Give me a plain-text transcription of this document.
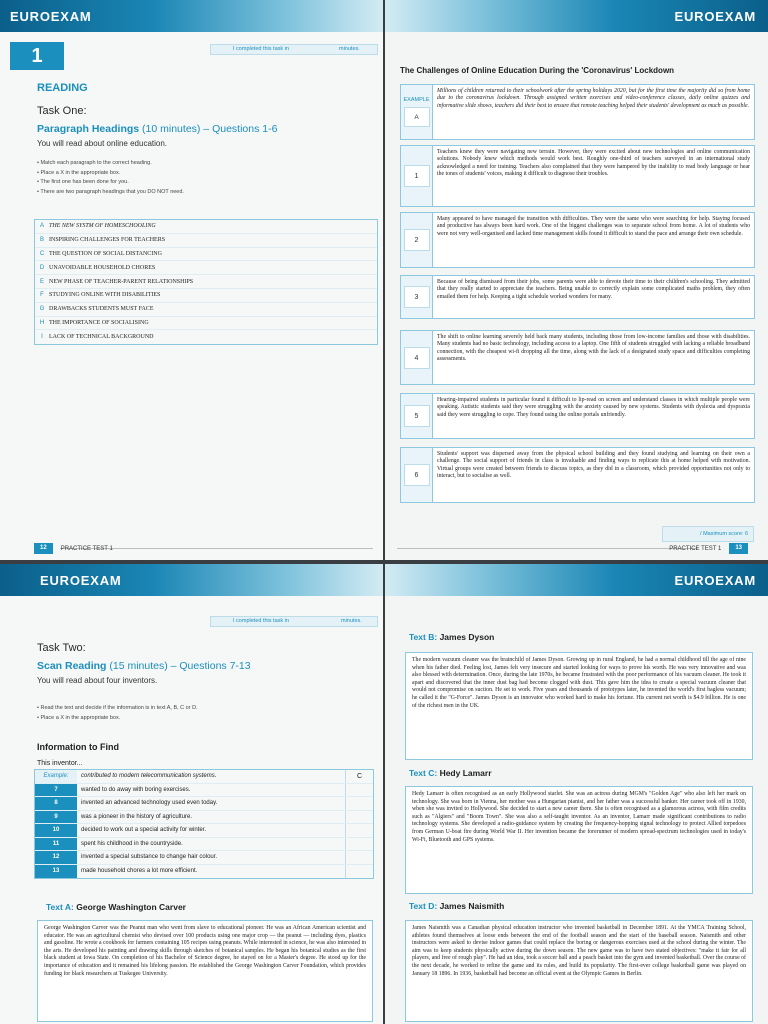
EUROEXAM
1	I completed this task in	minutes.
READING
Task One:
Paragraph Headings (10 minutes) – Questions 1-6
You will read about online education.
• Match each paragraph to the correct heading.
• Place a X in the appropriate box.
• The first one has been done for you.
• There are two paragraph headings that you DO NOT need.
A THE NEW SYSTM OF HOMESCHOOLING
B INSPIRING CHALLENGES FOR TEACHERS
C THE QUESTION OF SOCIAL DISTANCING
D UNAVOIDABLE HOUSEHOLD CHORES
E NEW PHASE OF TEACHER-PARENT RELATIONSHIPS
F STUDYING ONLINE WITH DISABILITIES
G DRAWBACKS STUDENTS MUST FACE
H THE IMPORTANCE OF SOCIALISING
I	LACK OF TECHNICAL BACKGROUND
12	PRACTICE TEST 1
EUROEXAM
The Challenges of Online Education During the 'Coronavirus' Lockdown
EXAMPLE
A
Millions of children returned to their schoolwork after the spring holidays 2020, but for the first time the majority did so from home due to the coronavirus lockdown. Through assigned written exercises and video-conference classes, daily online quizzes and informative slide shows, teachers did their best to ensure that remote teaching helped their students' development as much as possible.
1
Teachers knew they were navigating new terrain. However, they were excited about new technologies and online communication solutions. Nobody knew which methods would work best. Roughly one-third of teachers surveyed in an international study acknowledged a need for training. Teachers also complained that they were hampered by the inability to read body language or hear the tones of students' voices, making it difficult to diagnose their troubles.
2
Many appeared to have managed the transition with difficulties. They were the same who were searching for help. Staying focused and productive has always been hard work. One of the biggest challenges was to separate school from home. A lot of students who were not very well-organised and lacked time management skills found it difficult to stand the pace and arrange their own schedule.
3
Because of being dismissed from their jobs, some parents were able to devote their time to their children's schooling. They admitted that they really started to appreciate the teachers. Being unable to correctly explain some complicated maths problem, they often emailed them for help. Keeping a tight schedule worked wonders for many.
4
The shift to online learning severely held back many students, including those from low-income families and those with disabilities. Many students had no basic technology, including access to a laptop. One fifth of students struggled with lacking a reliable broadband connection, with the cheapest wi-fi dropping all the time, along with the lack of a designated study space and difficulties completing assessments.
5
Hearing-impaired students in particular found it difficult to lip-read on screen and understand classes in which multiple people were speaking. Autistic students said they were struggling with the anxiety caused by new systems. Students with dyslexia and dyspraxia said they were struggling to cope. They found using the online portals unfriendly.
6
Students' support was dispersed away from the physical school building and they found studying and learning on their own a challenge. The social support of friends in class is invaluable and finding ways to replicate this at home helped with motivation. Virtual groups were created between friends to discuss topics, as they did in a classroom, which provided opportunities not only to interact, but to socialise as well.
/ Maximum score: 6
PRACTICE TEST 1	13
EUROEXAM
I completed this task in	minutes.
Task Two:
Scan Reading (15 minutes) – Questions 7-13
You will read about four inventors.
• Read the text and decide if the information is in text A, B, C or D.
• Place a X in the appropriate box.
Information to Find
This inventor...
Example:	contributed to modern telecommunication systems.	C
7	wanted to do away with boring exercises.
8	invented an advanced technology used even today.
9	was a pioneer in the history of agriculture.
10	decided to work out a special activity for winter.
11	spent his childhood in the countryside.
12	invented a special substance to change hair colour.
13	made household chores a lot more efficient.
Text A: George Washington Carver
George Washington Carver was the Peanut man who went from slave to educational pioneer. He was an African American scientist and educator. He was an agricultural chemist who devised over 100 products using one major crop — the peanut — including dyes, plastics and gasoline. He wrote a cookbook for farmers containing 105 recipes using peanuts. While interested in science, he was also interested in the arts. He developed his painting and drawing skills through sketches of botanical samples. He began his botanical studies as the first black student at Iowa State. On completion of his Bachelor of Science degree, he stayed on for a Master's degree. He stood up for the importance of education and it remained his lifelong passion. He established the George Washington Carver Foundation, which provides funding for black researchers at Tuskegee University.
EUROEXAM
Text B: James Dyson
The modern vacuum cleaner was the brainchild of James Dyson. Growing up in rural England, he had a normal childhood till the age of nine when his father died. Feeling lost, James felt very insecure and started looking for ways to prove his worth. He was very innovative and was also blessed with determination. Once, during the late 1970s, he became frustrated with the poor performance of his vacuum cleaner. He took it apart and discovered that the inner dust bag had become clogged with dust. This gave him the idea to create a special vacuum cleaner that would not compromise on suction. He set to work. Five years and thousands of prototypes later, he invented the world's first bagless vacuum; he called it the "G-Force". James Dyson is an innovator who worked hard to make his fortune. His current net worth is $4.9 billion. He is one of the richest men in the UK.
Text C: Hedy Lamarr
Hedy Lamarr is often recognised as an early Hollywood starlet. She was an actress during MGM's "Golden Age" who also left her mark on technology. She was born in Vienna, her mother was a Hungarian pianist, and her father was a successful banker. Her career took off in 1930, when she was invited to Hollywood. She decided to start a new career there. She is often recognised as a glamorous actress, with film credits such as "Algiers" and "Boom Town". She was also a self-taught inventor. As an inventor, Lamarr made significant contributions to radio technology systems. She developed a radio-guidance system by creating the frequency-hopping signal technology to protect Allied torpedoes from German U-boat fire during World War II. Her invention became the forerunner of modern spread-spectrum technologies used in today's Wi-Fi, Bluetooth and GPS systems.
Text D: James Naismith
James Naismith was a Canadian physical education instructor who invented basketball in December 1891. At the YMCA Training School, athletes found themselves at loose ends between the end of the football season and the start of the baseball season. Naismith and other instructors were asked to devise indoor games that could replace the boring or dangerous exercises used at the school during the winter. The aim was to keep students physically active during the down season. The new game was to have two stated objectives: "make it fair for all players, and free of rough play". He had an idea, took a soccer ball and a peach basket into the gym and invented basketball. Over the course of the next decade, he worked to refine the game and its rules, and build its popularity. The first-ever college basketball game was played on January 18 1896. In 1936, basketball had become an official event at the Olympic Games in Berlin.
